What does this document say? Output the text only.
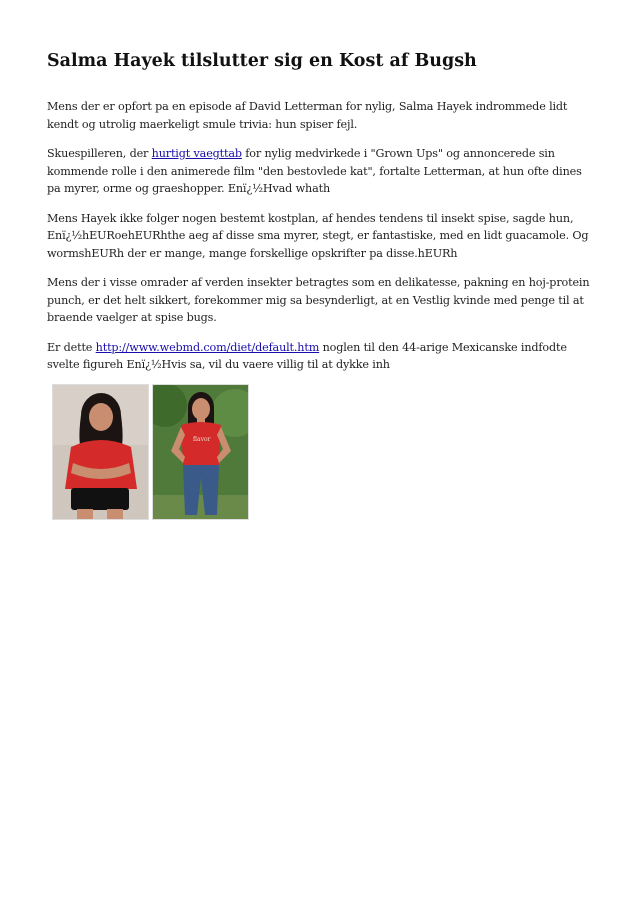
Salma Hayek tilslutter sig en Kost af Bugsh

Mens der er opfort pa en episode af David Letterman for nylig, Salma Hayek indrommede lidt kendt og utrolig maerkeligt smule trivia: hun spiser fejl.

Skuespilleren, der hurtigt vaegttab for nylig medvirkede i "Grown Ups" og annoncerede sin kommende rolle i den animerede film "den bestovlede kat", fortalte Letterman, at hun ofte dines pa myrer, orme og graeshopper. Enï¿½Hvad whath

Mens Hayek ikke folger nogen bestemt kostplan, af hendes tendens til insekt spise, sagde hun, Enï¿½hEURoehEURhthe aeg af disse sma myrer, stegt, er fantastiske, med en lidt guacamole. Og wormshEURh der er mange, mange forskellige opskrifter pa disse.hEURh

Mens der i visse omrader af verden insekter betragtes som en delikatesse, pakning en hoj-protein punch, er det helt sikkert, forekommer mig sa besynderligt, at en Vestlig kvinde med penge til at braende vaelger at spise bugs.

Er dette http://www.webmd.com/diet/default.htm noglen til den 44-arige Mexicanske indfodte svelte figureh Enï¿½Hvis sa, vil du vaere villig til at dykke inh

flavor
